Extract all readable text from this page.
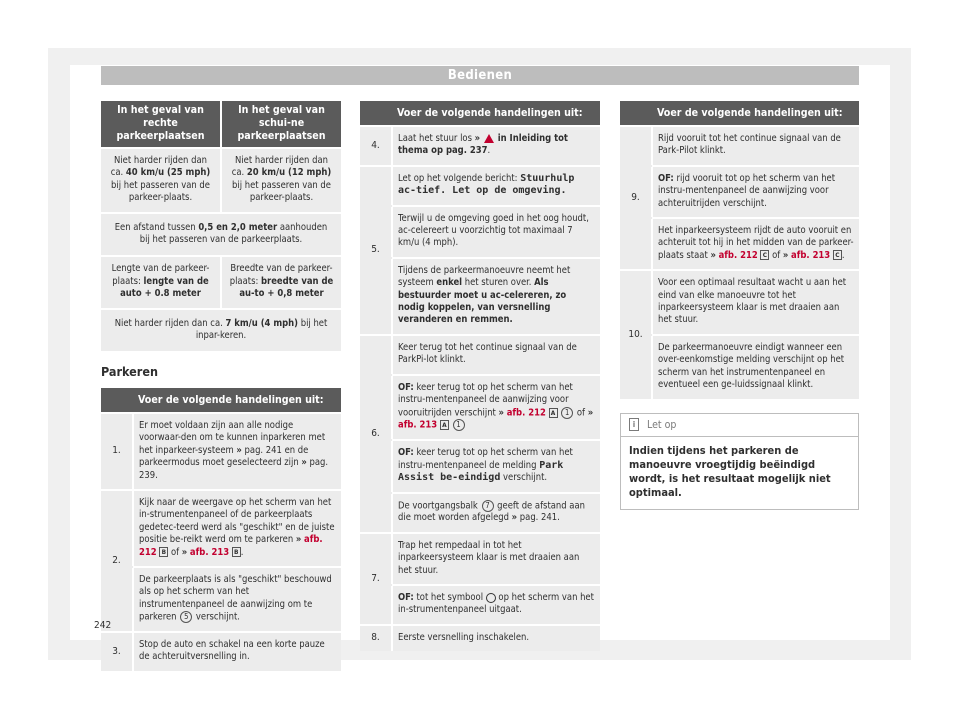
Bedienen
In het geval van rechte parkeerplaatsen	In het geval van schui-ne parkeerplaatsen

Niet harder rijden dan ca. 40 km/u (25 mph) bij het passeren van de parkeer-plaats.	Niet harder rijden dan ca. 20 km/u (12 mph) bij het passeren van de parkeer-plaats.

Een afstand tussen 0,5 en 2,0 meter aanhouden bij het passeren van de parkeerplaats.	

Lengte van de parkeer-plaats: lengte van de auto + 0.8 meter	Breedte van de parkeer-plaats: breedte van de au-to + 0,8 meter

Niet harder rijden dan ca. 7 km/u (4 mph) bij het inpar-keren.	
Parkeren
	Voer de volgende handelingen uit:

1.	Er moet voldaan zijn aan alle nodige voorwaar-den om te kunnen inparkeren met het inparkeer-systeem » pag. 241 en de parkeermodus moet geselecteerd zijn » pag. 239.

2.	Kijk naar de weergave op het scherm van het in-strumentenpaneel of de parkeerplaats gedetec-teerd werd als "geschikt" en de juiste positie be-reikt werd om te parkeren » afb. 212 B of » afb. 213 B .

	De parkeerplaats is als "geschikt" beschouwd als op het scherm van het instrumentenpaneel de aanwijzing om te parkeren 5 verschijnt.

3.	Stop de auto en schakel na een korte pauze de achteruitversnelling in.
	Voer de volgende handelingen uit:

4.	Laat het stuur los »  in Inleiding tot thema op pag. 237.

5.	Let op het volgende bericht: Stuurhulp ac-tief. Let op de omgeving.

	Terwijl u de omgeving goed in het oog houdt, ac-celereert u voorzichtig tot maximaal 7 km/u (4 mph).

	Tijdens de parkeermanoeuvre neemt het systeem enkel het sturen over. Als bestuurder moet u ac-celereren, zo nodig koppelen, van versnelling veranderen en remmen.

6.	Keer terug tot het continue signaal van de ParkPi-lot klinkt.

	OF: keer terug tot op het scherm van het instru-mentenpaneel de aanwijzing voor vooruitrijden verschijnt » afb. 212 A 1 of » afb. 213 A 1

	OF: keer terug tot op het scherm van het instru-mentenpaneel de melding Park Assist be-eindigd verschijnt.

	De voortgangsbalk 7 geeft de afstand aan die moet worden afgelegd » pag. 241.

7.	Trap het rempedaal in tot het inparkeersysteem klaar is met draaien aan het stuur.

	OF: tot het symbool  op het scherm van het in-strumentenpaneel uitgaat.

8.	Eerste versnelling inschakelen.
	Voer de volgende handelingen uit:

9.	Rijd vooruit tot het continue signaal van de Park-Pilot klinkt.

	OF: rijd vooruit tot op het scherm van het instru-mentenpaneel de aanwijzing voor achteruitrijden verschijnt.

	Het inparkeersysteem rijdt de auto vooruit en achteruit tot hij in het midden van de parkeer-plaats staat » afb. 212 C of » afb. 213 C .

10.	Voor een optimaal resultaat wacht u aan het eind van elke manoeuvre tot het inparkeersysteem klaar is met draaien aan het stuur.

	De parkeermanoeuvre eindigt wanneer een over-eenkomstige melding verschijnt op het scherm van het instrumentenpaneel en eventueel een ge-luidssignaal klinkt.
i Let op
Indien tijdens het parkeren de manoeuvre vroegtijdig beëindigd wordt, is het resultaat mogelijk niet optimaal.
242
